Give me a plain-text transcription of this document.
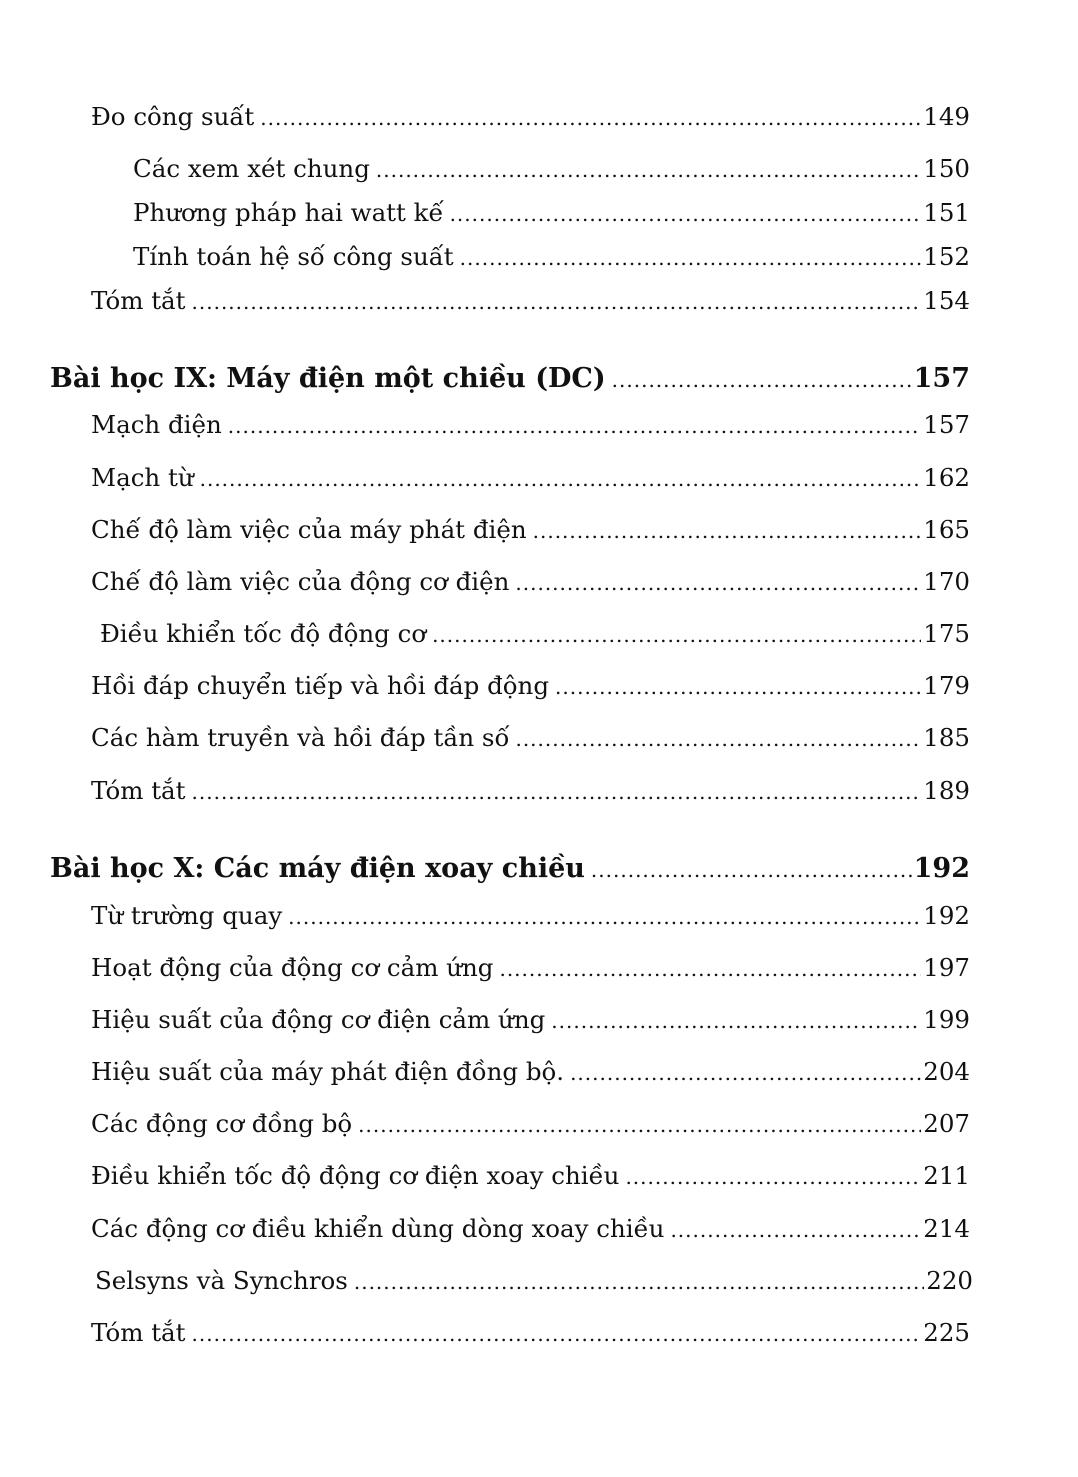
Đo công suất .....	149
Các xem xét chung .....	150
Phương pháp hai watt kế .....	151
Tính toán hệ số công suất .....	152
Tóm tắt .....	154
Bài học IX: Máy điện một chiều (DC) .....	157
Mạch điện .....	157
Mạch từ .....	162
Chế độ làm việc của máy phát điện .....	165
Chế độ làm việc của động cơ điện .....	170
Điều khiển tốc độ động cơ .....	175
Hồi đáp chuyển tiếp và hồi đáp động .....	179
Các hàm truyền và hồi đáp tần số .....	185
Tóm tắt .....	189
Bài học X: Các máy điện xoay chiều .....	192
Từ trường quay .....	192
Hoạt động của động cơ cảm ứng .....	197
Hiệu suất của động cơ điện cảm ứng .....	199
Hiệu suất của máy phát điện đồng bộ. .....	204
Các động cơ đồng bộ .....	207
Điều khiển tốc độ động cơ điện xoay chiều .....	211
Các động cơ điều khiển dùng dòng xoay chiều .....	214
Selsyns và Synchros .....	220
Tóm tắt .....	225
